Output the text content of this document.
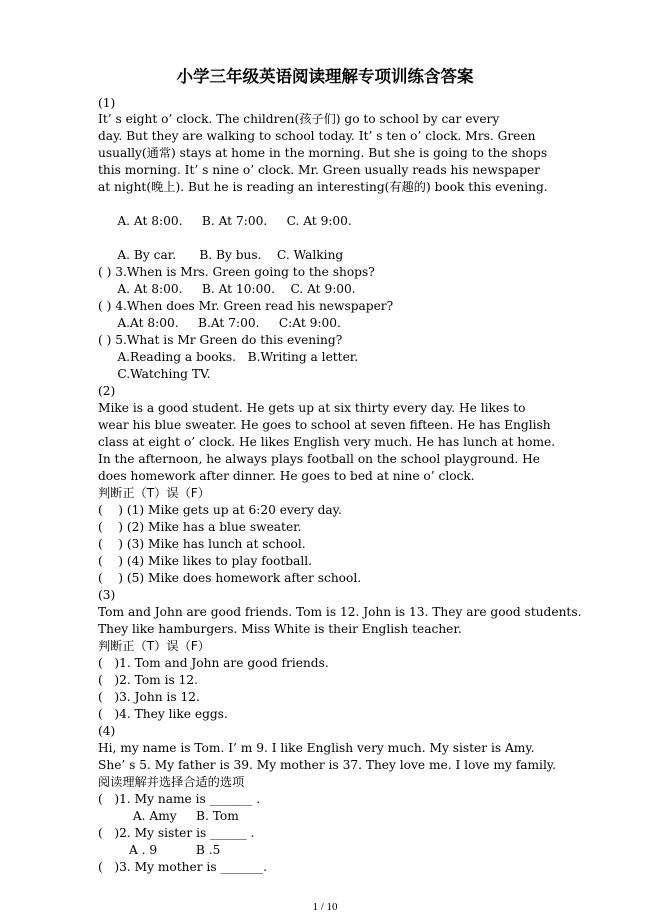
小学三年级英语阅读理解专项训练含答案
(1)
It’ s eight o’ clock. The children(孩子们) go to school by car every
day. But they are walking to school today. It’ s ten o’ clock. Mrs. Green
usually(通常) stays at home in the morning. But she is going to the shops
this morning. It’ s nine o’ clock. Mr. Green usually reads his newspaper
at night(晚上). But he is reading an interesting(有趣的) book this evening.
A. At 8:00.     B. At 7:00.     C. At 9:00.
A. By car.      B. By bus.    C. Walking
( ) 3.When is Mrs. Green going to the shops?
A. At 8:00.     B. At 10:00.    C. At 9:00.
( ) 4.When does Mr. Green read his newspaper?
A.At 8:00.     B.At 7:00.     C:At 9:00.
( ) 5.What is Mr Green do this evening?
A.Reading a books.   B.Writing a letter.
C.Watching TV.
(2)
Mike is a good student. He gets up at six thirty every day. He likes to
wear his blue sweater. He goes to school at seven fifteen. He has English
class at eight o’ clock. He likes English very much. He has lunch at home.
In the afternoon, he always plays football on the school playground. He
does homework after dinner. He goes to bed at nine o’ clock.
判断正（T）误（F）
(    ) (1) Mike gets up at 6:20 every day.
(    ) (2) Mike has a blue sweater.
(    ) (3) Mike has lunch at school.
(    ) (4) Mike likes to play football.
(    ) (5) Mike does homework after school.
(3)
Tom and John are good friends. Tom is 12. John is 13. They are good students.
They like hamburgers. Miss White is their English teacher.
判断正（T）误（F）
(   )1. Tom and John are good friends.
(   )2. Tom is 12.
(   )3. John is 12.
(   )4. They like eggs.
(4)
Hi, my name is Tom. I’ m 9. I like English very much. My sister is Amy.
She’ s 5. My father is 39. My mother is 37. They love me. I love my family.
阅读理解并选择合适的选项
(   )1. My name is _______ .
A. Amy     B. Tom
(   )2. My sister is ______ .
A . 9          B .5
(   )3. My mother is _______.
1 / 10
